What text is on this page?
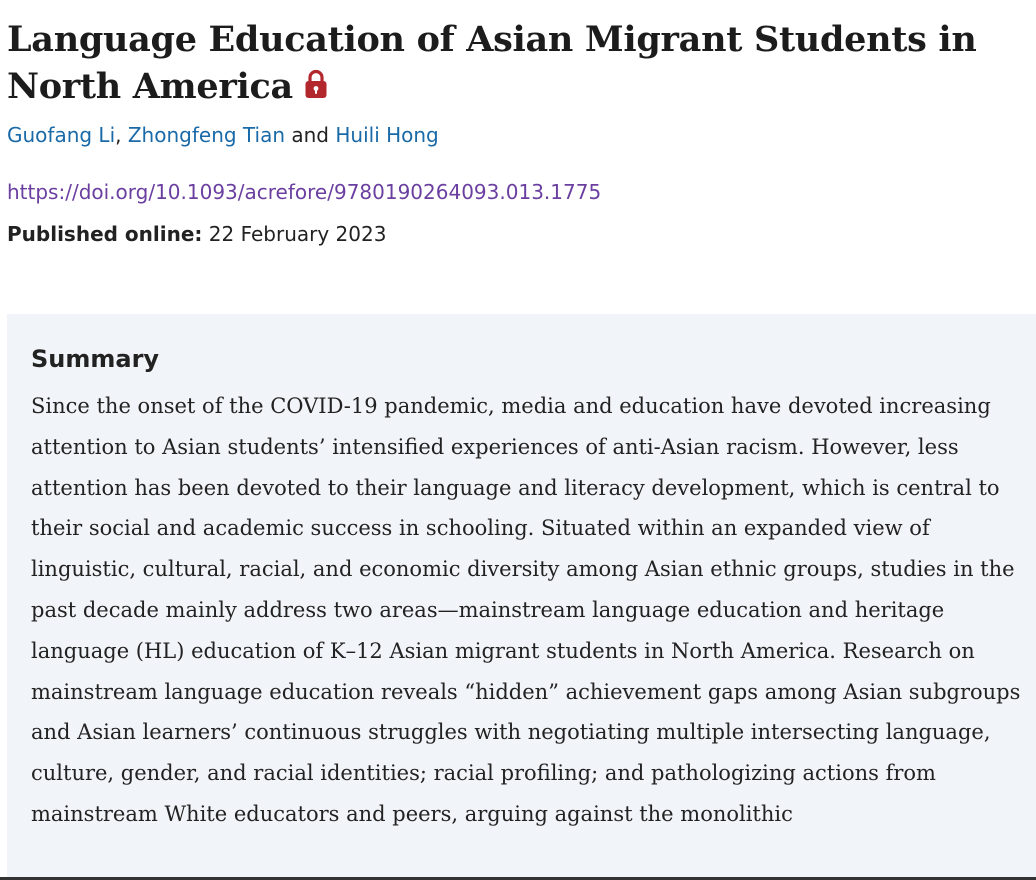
Language Education of Asian Migrant Students in North America
Guofang Li, Zhongfeng Tian and Huili Hong
https://doi.org/10.1093/acrefore/9780190264093.013.1775
Published online: 22 February 2023
Summary

Since the onset of the COVID-19 pandemic, media and education have devoted increasing attention to Asian students’ intensified experiences of anti-Asian racism. However, less attention has been devoted to their language and literacy development, which is central to their social and academic success in schooling. Situated within an expanded view of linguistic, cultural, racial, and economic diversity among Asian ethnic groups, studies in the past decade mainly address two areas—mainstream language education and heritage language (HL) education of K–12 Asian migrant students in North America. Research on mainstream language education reveals “hidden” achievement gaps among Asian subgroups and Asian learners’ continuous struggles with negotiating multiple intersecting language, culture, gender, and racial identities; racial profiling; and pathologizing actions from mainstream White educators and peers, arguing against the monolithic
